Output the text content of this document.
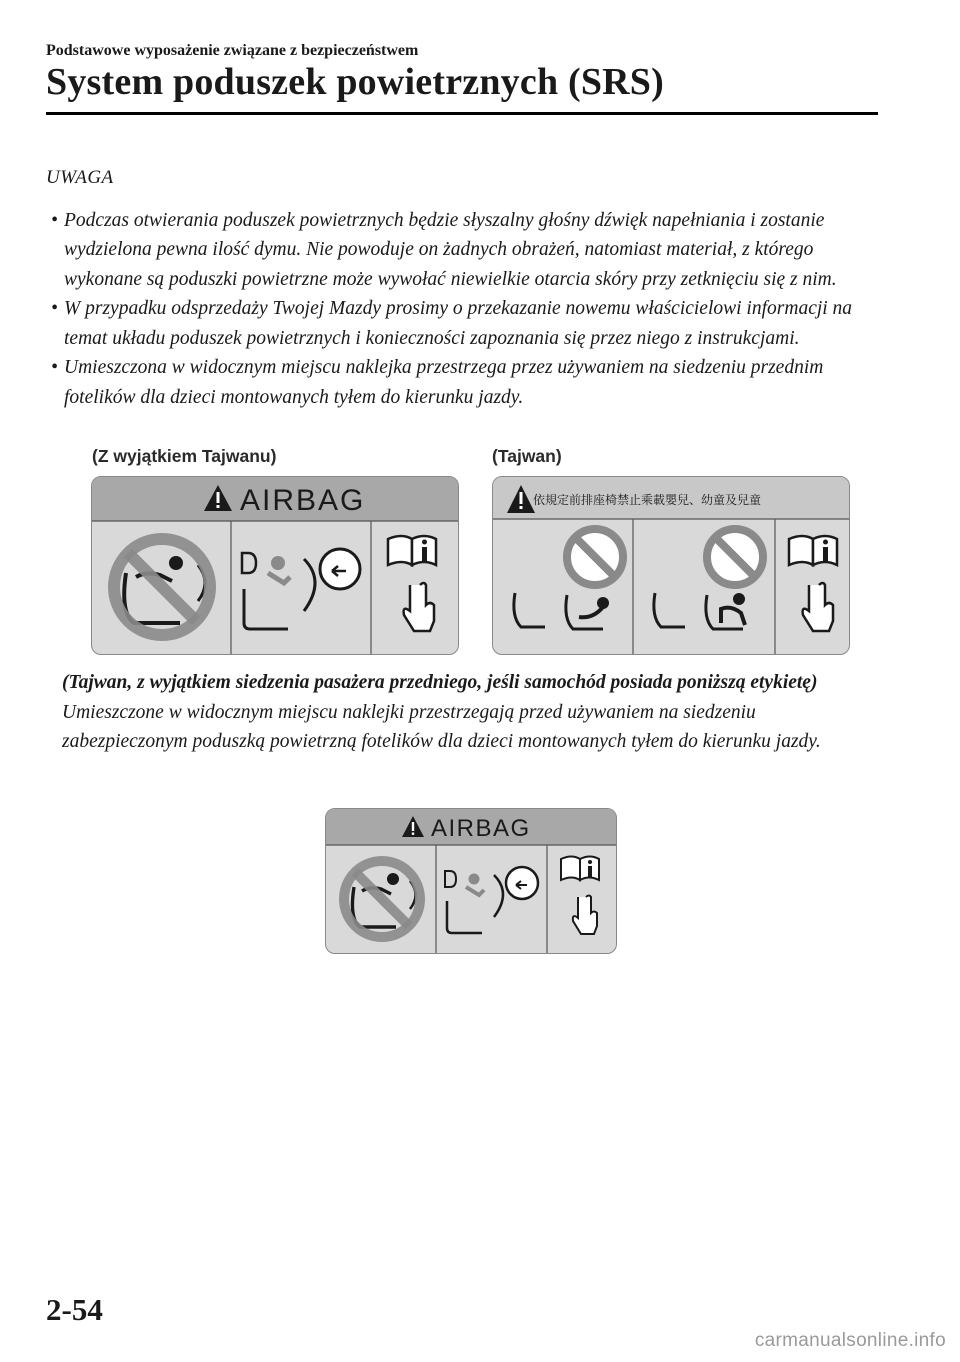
Podstawowe wyposażenie związane z bezpieczeństwem
System poduszek powietrznych (SRS)
UWAGA
• Podczas otwierania poduszek powietrznych będzie słyszalny głośny dźwięk napełniania i zostanie wydzielona pewna ilość dymu. Nie powoduje on żadnych obrażeń, natomiast materiał, z którego wykonane są poduszki powietrzne może wywołać niewielkie otarcia skóry przy zetknięciu się z nim.
• W przypadku odsprzedaży Twojej Mazdy prosimy o przekazanie nowemu właścicielowi informacji na temat układu poduszek powietrznych i konieczności zapoznania się przez niego z instrukcjami.
• Umieszczona w widocznym miejscu naklejka przestrzega przez używaniem na siedzeniu przednim fotelików dla dzieci montowanych tyłem do kierunku jazdy.
(Z wyjątkiem Tajwanu)	(Tajwan)
AIRBAG	依規定前排座椅禁止乘載嬰兒、幼童及兒童
(Tajwan, z wyjątkiem siedzenia pasażera przedniego, jeśli samochód posiada poniższą etykietę)
Umieszczone w widocznym miejscu naklejki przestrzegają przed używaniem na siedzeniu zabezpieczonym poduszką powietrzną fotelików dla dzieci montowanych tyłem do kierunku jazdy.
AIRBAG
2-54
carmanualsonline.info
